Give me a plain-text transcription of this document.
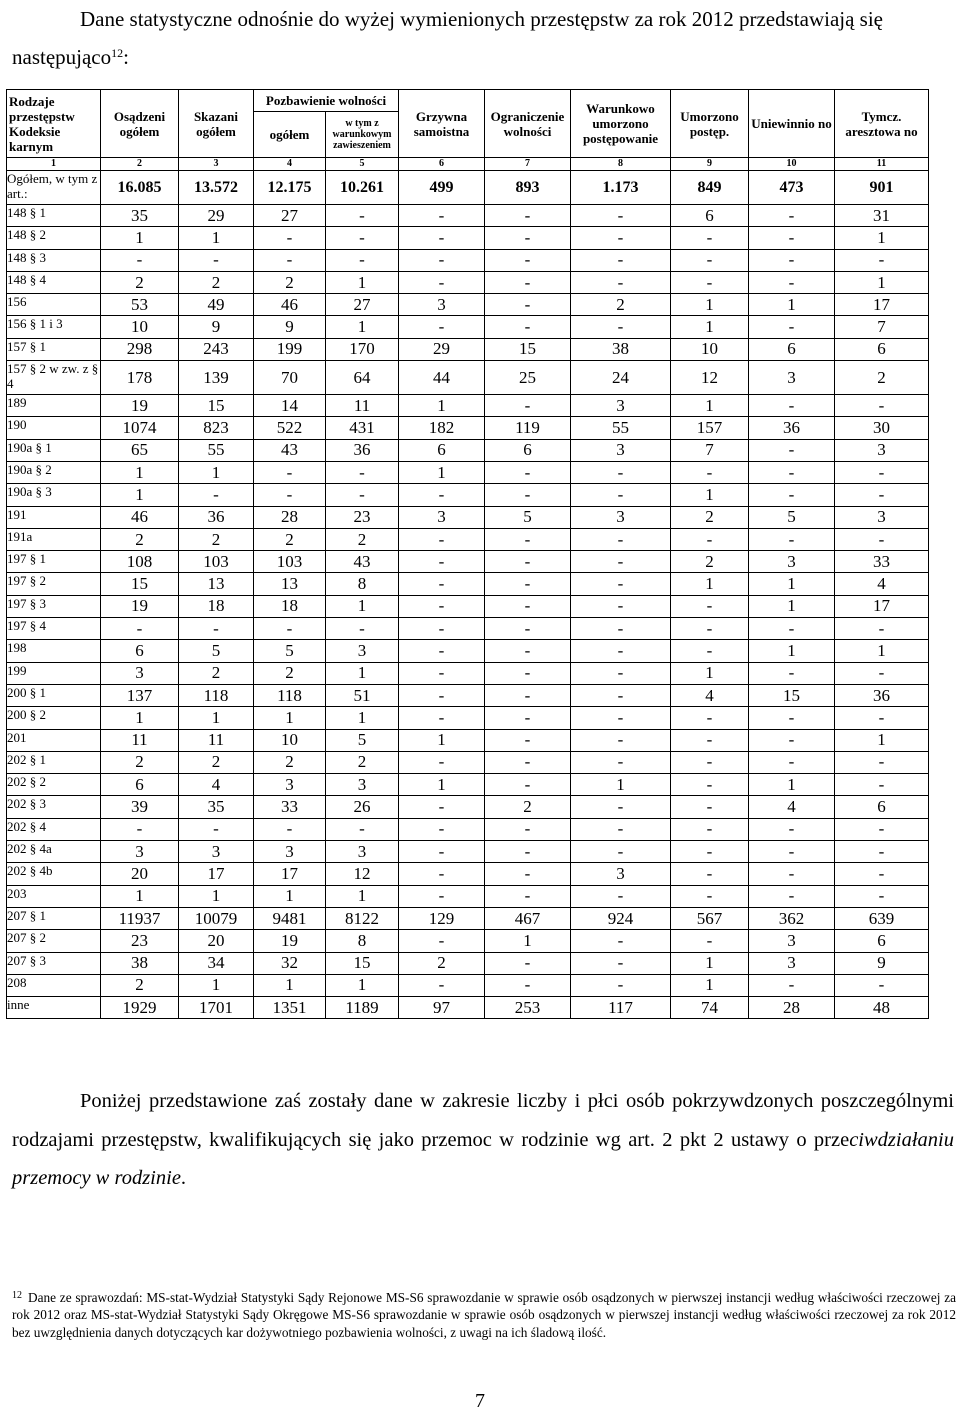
Dane statystyczne odnośnie do wyżej wymienionych przestępstw za rok 2012 przedstawiają się
następująco$^{12}$:
Rodzaje przestępstw Kodeksie karnym	Osądzeni ogółem	Skazani ogółem	Pozbawienie wolności		Grzywna samoistna	Ograniczenie wolności	Warunkowo umorzono postępowanie	Umorzono postęp.	Uniewinnio no	Tymcz. aresztowa no
			ogółem	w tym z warunkowym zawieszeniem						
1	2	3	4	5	6	7	8	9	10	11
Ogółem, w tym z art.:	16.085	13.572	12.175	10.261	499	893	1.173	849	473	901
148 § 1	35	29	27	-	-	-	-	6	-	31
148 § 2	1	1	-	-	-	-	-	-	-	1
148 § 3	-	-	-	-	-	-	-	-	-	-
148 § 4	2	2	2	1	-	-	-	-	-	1
156	53	49	46	27	3	-	2	1	1	17
156 § 1 i 3	10	9	9	1	-	-	-	1	-	7
157 § 1	298	243	199	170	29	15	38	10	6	6
157 § 2 w zw. z § 4	178	139	70	64	44	25	24	12	3	2
189	19	15	14	11	1	-	3	1	-	-
190	1074	823	522	431	182	119	55	157	36	30
190a § 1	65	55	43	36	6	6	3	7	-	3
190a § 2	1	1	-	-	1	-	-	-	-	-
190a § 3	1	-	-	-	-	-	-	1	-	-
191	46	36	28	23	3	5	3	2	5	3
191a	2	2	2	2	-	-	-	-	-	-
197 § 1	108	103	103	43	-	-	-	2	3	33
197 § 2	15	13	13	8	-	-	-	1	1	4
197 § 3	19	18	18	1	-	-	-	-	1	17
197 § 4	-	-	-	-	-	-	-	-	-	-
198	6	5	5	3	-	-	-	-	1	1
199	3	2	2	1	-	-	-	1	-	-
200 § 1	137	118	118	51	-	-	-	4	15	36
200 § 2	1	1	1	1	-	-	-	-	-	-
201	11	11	10	5	1	-	-	-	-	1
202 § 1	2	2	2	2	-	-	-	-	-	-
202 § 2	6	4	3	3	1	-	1	-	1	-
202 § 3	39	35	33	26	-	2	-	-	4	6
202 § 4	-	-	-	-	-	-	-	-	-	-
202 § 4a	3	3	3	3	-	-	-	-	-	-
202 § 4b	20	17	17	12	-	-	3	-	-	-
203	1	1	1	1	-	-	-	-	-	-
207 § 1	11937	10079	9481	8122	129	467	924	567	362	639
207 § 2	23	20	19	8	-	1	-	-	3	6
207 § 3	38	34	32	15	2	-	-	1	3	9
208	2	1	1	1	-	-	-	1	-	-
inne	1929	1701	1351	1189	97	253	117	74	28	48
Poniżej przedstawione zaś zostały dane w zakresie liczby i płci osób pokrzywdzonych poszczególnymi rodzajami przestępstw, kwalifikujących się jako przemoc w rodzinie wg art. 2 pkt 2 ustawy o przeciwdziałaniu przemocy w rodzinie.
$^{12}$ Dane ze sprawozdań: MS-stat-Wydział Statystyki Sądy Rejonowe MS-S6 sprawozdanie w sprawie osób osądzonych w pierwszej instancji według właściwości rzeczowej za rok 2012 oraz MS-stat-Wydział Statystyki Sądy Okręgowe MS-S6 sprawozdanie w sprawie osób osądzonych w pierwszej instancji według właściwości rzeczowej za rok 2012 bez uwzględnienia danych dotyczących kar dożywotniego pozbawienia wolności, z uwagi na ich śladową ilość.
7
